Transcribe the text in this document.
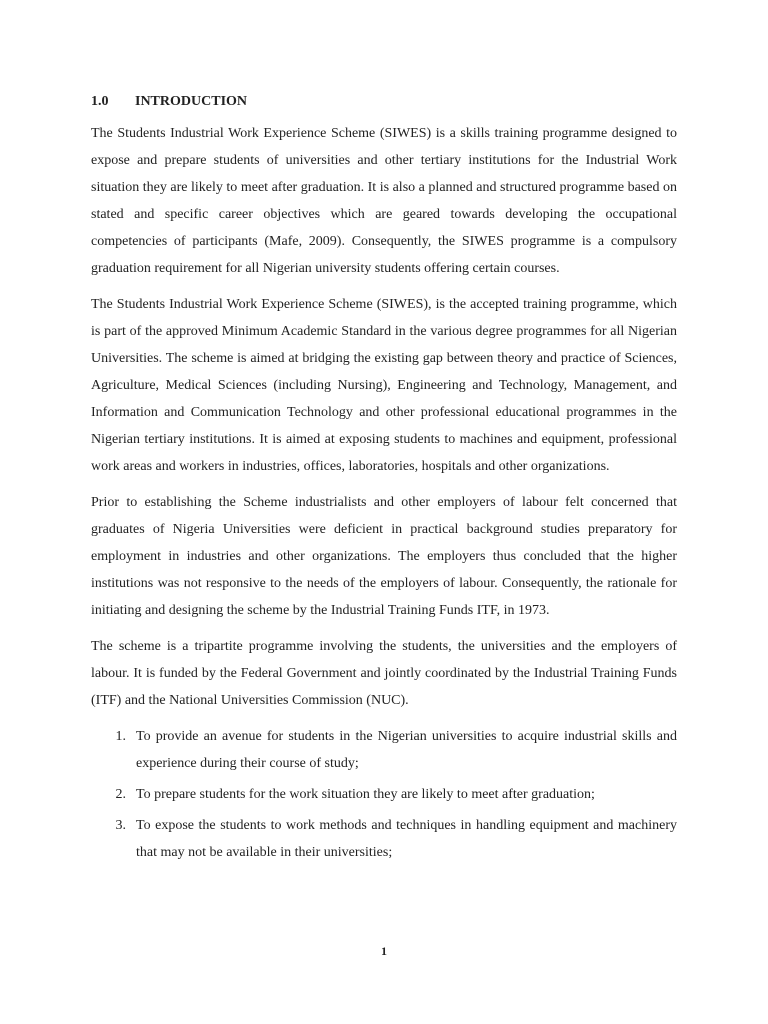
1.0	INTRODUCTION

The Students Industrial Work Experience Scheme (SIWES) is a skills training programme designed to expose and prepare students of universities and other tertiary institutions for the Industrial Work situation they are likely to meet after graduation. It is also a planned and structured programme based on stated and specific career objectives which are geared towards developing the occupational competencies of participants (Mafe, 2009). Consequently, the SIWES programme is a compulsory graduation requirement for all Nigerian university students offering certain courses.

The Students Industrial Work Experience Scheme (SIWES), is the accepted training programme, which is part of the approved Minimum Academic Standard in the various degree programmes for all Nigerian Universities. The scheme is aimed at bridging the existing gap between theory and practice of Sciences, Agriculture, Medical Sciences (including Nursing), Engineering and Technology, Management, and Information and Communication Technology and other professional educational programmes in the Nigerian tertiary institutions. It is aimed at exposing students to machines and equipment, professional work areas and workers in industries, offices, laboratories, hospitals and other organizations.

Prior to establishing the Scheme industrialists and other employers of labour felt concerned that graduates of Nigeria Universities were deficient in practical background studies preparatory for employment in industries and other organizations. The employers thus concluded that the higher institutions was not responsive to the needs of the employers of labour. Consequently, the rationale for initiating and designing the scheme by the Industrial Training Funds ITF, in 1973.

The scheme is a tripartite programme involving the students, the universities and the employers of labour. It is funded by the Federal Government and jointly coordinated by the Industrial Training Funds (ITF) and the National Universities Commission (NUC).

1. To provide an avenue for students in the Nigerian universities to acquire industrial skills and experience during their course of study;
2. To prepare students for the work situation they are likely to meet after graduation;
3. To expose the students to work methods and techniques in handling equipment and machinery that may not be available in their universities;
1
